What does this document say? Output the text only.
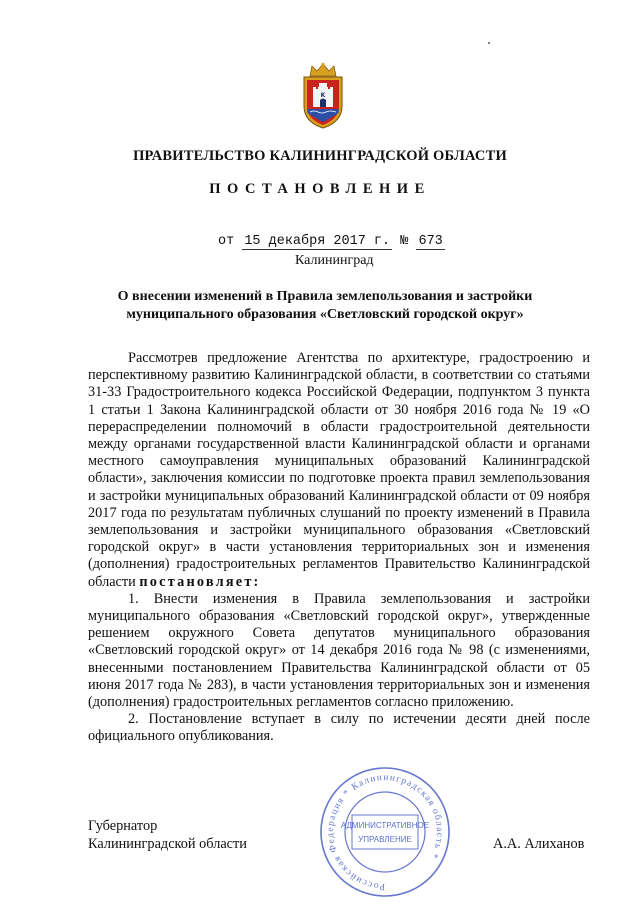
K
ПРАВИТЕЛЬСТВО КАЛИНИНГРАДСКОЙ ОБЛАСТИ
ПОСТАНОВЛЕНИЕ
от 15 декабря 2017 г. № 673
Калининград
О внесении изменений в Правила землепользования и застройки муниципального образования «Светловский городской округ»

Рассмотрев предложение Агентства по архитектуре, градостроению и перспективному развитию Калининградской области, в соответствии со статьями 31-33 Градостроительного кодекса Российской Федерации, подпунктом 3 пункта 1 статьи 1 Закона Калининградской области от 30 ноября 2016 года № 19 «О перераспределении полномочий в области градостроительной деятельности между органами государственной власти Калининградской области и органами местного самоуправления муниципальных образований Калининградской области», заключения комиссии по подготовке проекта правил землепользования и застройки муниципальных образований Калининградской области от 09 ноября 2017 года по результатам публичных слушаний по проекту изменений в Правила землепользования и застройки муниципального образования «Светловский городской округ» в части установления территориальных зон и изменения (дополнения) градостроительных регламентов Правительство Калининградской области постановляет:

1. Внести изменения в Правила землепользования и застройки муниципального образования «Светловский городской округ», утвержденные решением окружного Совета депутатов муниципального образования «Светловский городской округ» от 14 декабря 2016 года № 98 (с изменениями, внесенными постановлением Правительства Калининградской области от 05 июня 2017 года № 283), в части установления территориальных зон и изменения (дополнения) градостроительных регламентов согласно приложению.

2. Постановление вступает в силу по истечении десяти дней после официального опубликования.

Российская Федерация * Калининградская область *
АДМИНИСТРАТИВНОЕ
УПРАВЛЕНИЕ
Губернатор
Калининградской области	А.А. Алиханов
